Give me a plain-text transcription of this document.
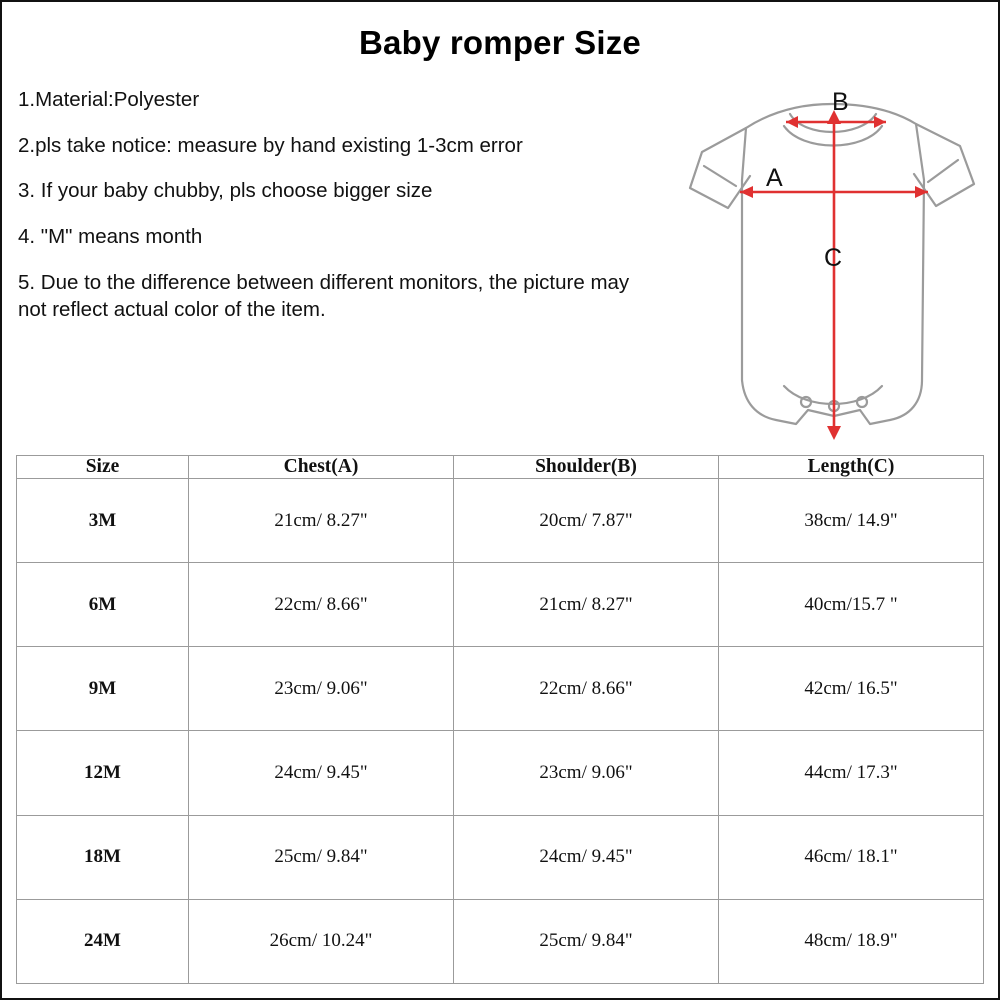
Baby romper Size
1.Material:Polyester
2.pls take notice: measure by hand existing 1-3cm error
3. If your baby chubby, pls choose bigger size
4. "M" means month
5. Due to the difference between different monitors, the picture may not reflect actual color of the item.
B
A
C
Size	Chest(A)	Shoulder(B)	Length(C)
3M	21cm/ 8.27"	20cm/ 7.87"	38cm/ 14.9"
6M	22cm/ 8.66"	21cm/ 8.27"	40cm/15.7 "
9M	23cm/ 9.06"	22cm/ 8.66"	42cm/ 16.5"
12M	24cm/ 9.45"	23cm/ 9.06"	44cm/ 17.3"
18M	25cm/ 9.84"	24cm/ 9.45"	46cm/ 18.1"
24M	26cm/ 10.24"	25cm/ 9.84"	48cm/ 18.9"
